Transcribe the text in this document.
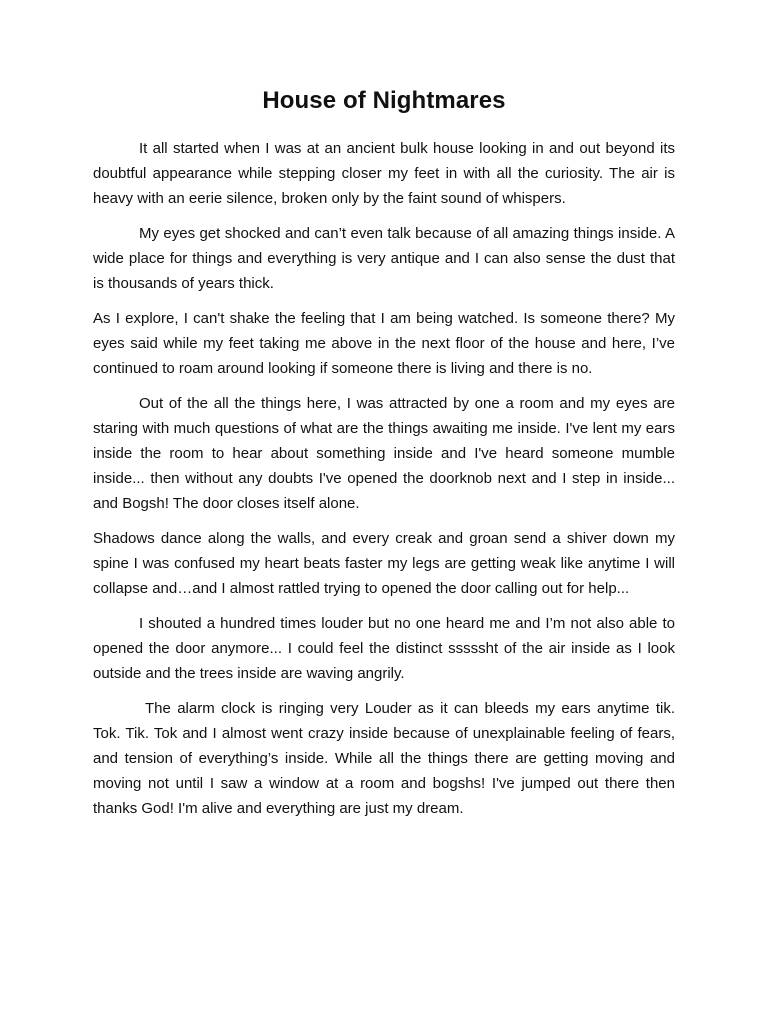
House of Nightmares

It all started when I was at an ancient bulk house looking in and out beyond its doubtful appearance while stepping closer my feet in with all the curiosity. The air is heavy with an eerie silence, broken only by the faint sound of whispers.

My eyes get shocked and can’t even talk because of all amazing things inside. A wide place for things and everything is very antique and I can also sense the dust that is thousands of years thick.

As I explore, I can't shake the feeling that I am being watched. Is someone there? My eyes said while my feet taking me above in the next floor of the house and here, I’ve continued to roam around looking if someone there is living and there is no.

Out of the all the things here, I was attracted by one a room and my eyes are staring with much questions of what are the things awaiting me inside. I've lent my ears inside the room to hear about something inside and I've heard someone mumble inside... then without any doubts I've opened the doorknob next and I step in inside... and Bogsh! The door closes itself alone.

Shadows dance along the walls, and every creak and groan send a shiver down my spine I was confused my heart beats faster my legs are getting weak like anytime I will collapse and…and I almost rattled trying to opened the door calling out for help...

I shouted a hundred times louder but no one heard me and I’m not also able to opened the door anymore... I could feel the distinct sssssht of the air inside as I look outside and the trees inside are waving angrily.

The alarm clock is ringing very Louder as it can bleeds my ears anytime tik. Tok. Tik. Tok and I almost went crazy inside because of unexplainable feeling of fears, and tension of everything’s inside. While all the things there are getting moving and moving not until I saw a window at a room and bogshs! I've jumped out there then thanks God! I'm alive and everything are just my dream.
